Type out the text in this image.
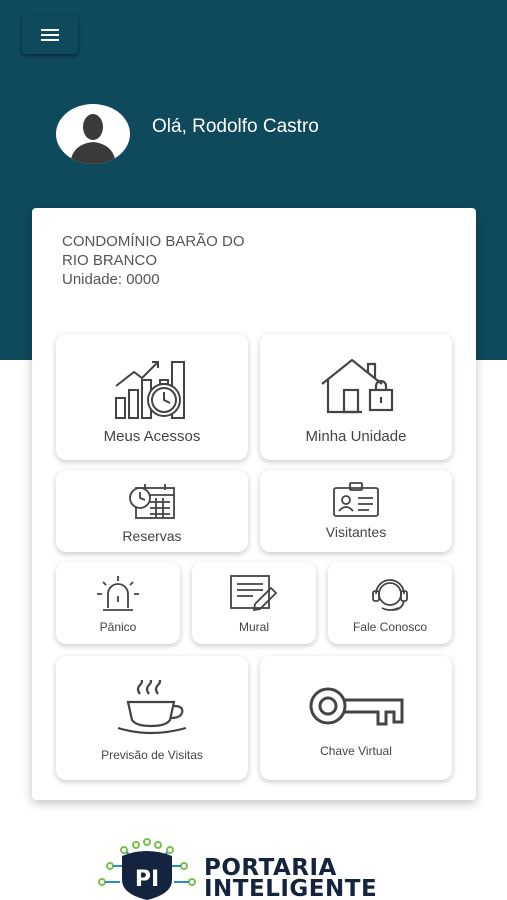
Olá, Rodolfo Castro
CONDOMÍNIO BARÃO DO
RIO BRANCO
Unidade: 0000
Meus Acessos	Minha Unidade
Reservas	Visitantes
Pânico	Mural	Fale Conosco
Previsão de Visitas	Chave Virtual
PI PORTARIA
INTELIGENTE
